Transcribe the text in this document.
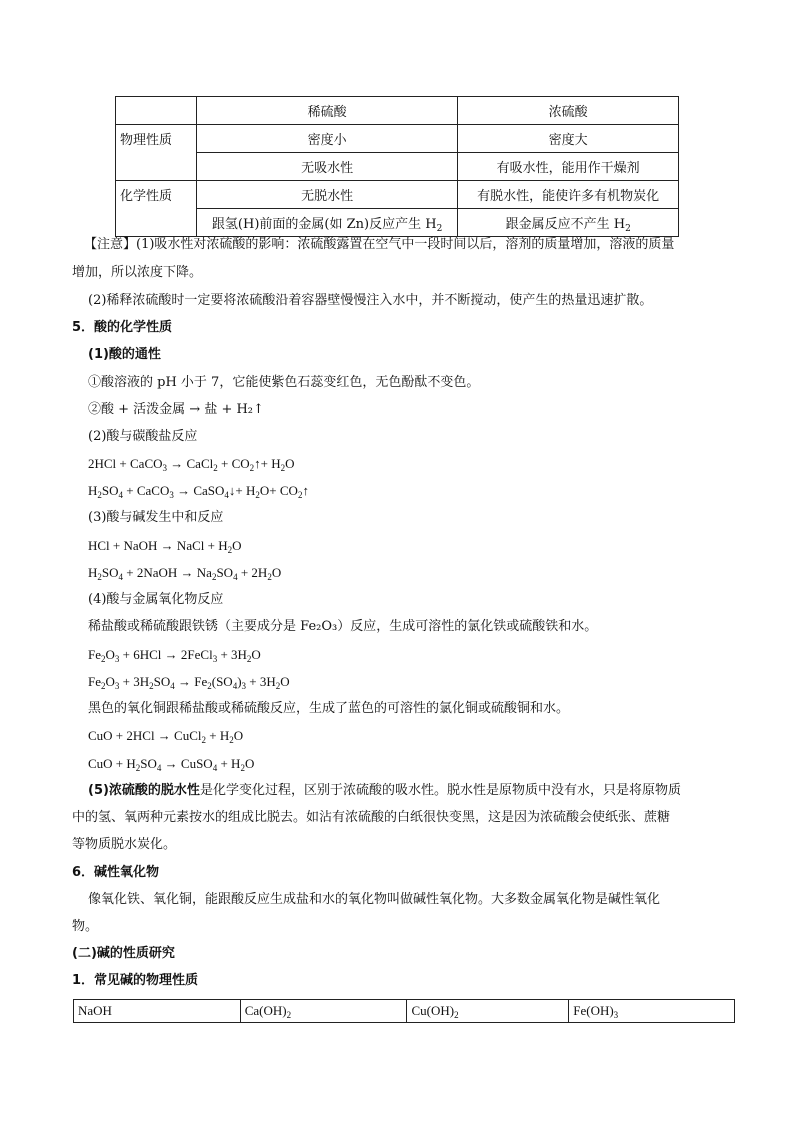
	稀硫酸	浓硫酸
物理性质	密度小	密度大
	无吸水性	有吸水性，能用作干燥剂
化学性质	无脱水性	有脱水性，能使许多有机物炭化
	跟氢(H)前面的金属(如 Zn)反应产生 $H_2$	跟金属反应不产生 $H_2$
【注意】(1)吸水性对浓硫酸的影响：浓硫酸露置在空气中一段时间以后，溶剂的质量增加，溶液的质量
增加，所以浓度下降。
(2)稀释浓硫酸时一定要将浓硫酸沿着容器壁慢慢注入水中，并不断搅动，使产生的热量迅速扩散。
5．酸的化学性质
(1)酸的通性
①酸溶液的 pH 小于 7，它能使紫色石蕊变红色，无色酚酞不变色。
②酸 + 活泼金属 → 盐 + H₂↑
(2)酸与碳酸盐反应
2HCl + CaCO$_3$ → CaCl$_2$ + $CO_2↑+ H_2O$
$H_2SO_4$ + CaCO$_3$ → CaSO$_4$↓+ $H_2O+$ $CO_2↑$
(3)酸与碱发生中和反应
HCl + NaOH → NaCl + $H_2O$
$H_2SO_4$ + 2NaOH → $Na_2SO_4 + 2H_2O$
(4)酸与金属氧化物反应
稀盐酸或稀硫酸跟铁锈（主要成分是 Fe₂O₃）反应，生成可溶性的氯化铁或硫酸铁和水。
$Fe_2O_3 + 6HCl$ → 2FeCl$_3$ + $3H_2O$
$Fe_2O_3 + 3H_2SO_4 \to Fe_2(SO_4)_3 + 3H_2O$
黑色的氧化铜跟稀盐酸或稀硫酸反应，生成了蓝色的可溶性的氯化铜或硫酸铜和水。
CuO + 2HCl → CuCl$_2$ + $H_2O$
CuO + $H_2SO_4$ → CuSO$_4$ + $H_2O$
(5)浓硫酸的脱水性是化学变化过程，区别于浓硫酸的吸水性。脱水性是原物质中没有水，只是将原物质
中的氢、氧两种元素按水的组成比脱去。如沾有浓硫酸的白纸很快变黑，这是因为浓硫酸会使纸张、蔗糖
等物质脱水炭化。
6．碱性氧化物
像氧化铁、氧化铜，能跟酸反应生成盐和水的氧化物叫做碱性氧化物。大多数金属氧化物是碱性氧化
物。
(二)碱的性质研究
1．常见碱的物理性质
NaOH	$Ca(OH)_2$	$Cu(OH)_2$	$Fe(OH)_3$
